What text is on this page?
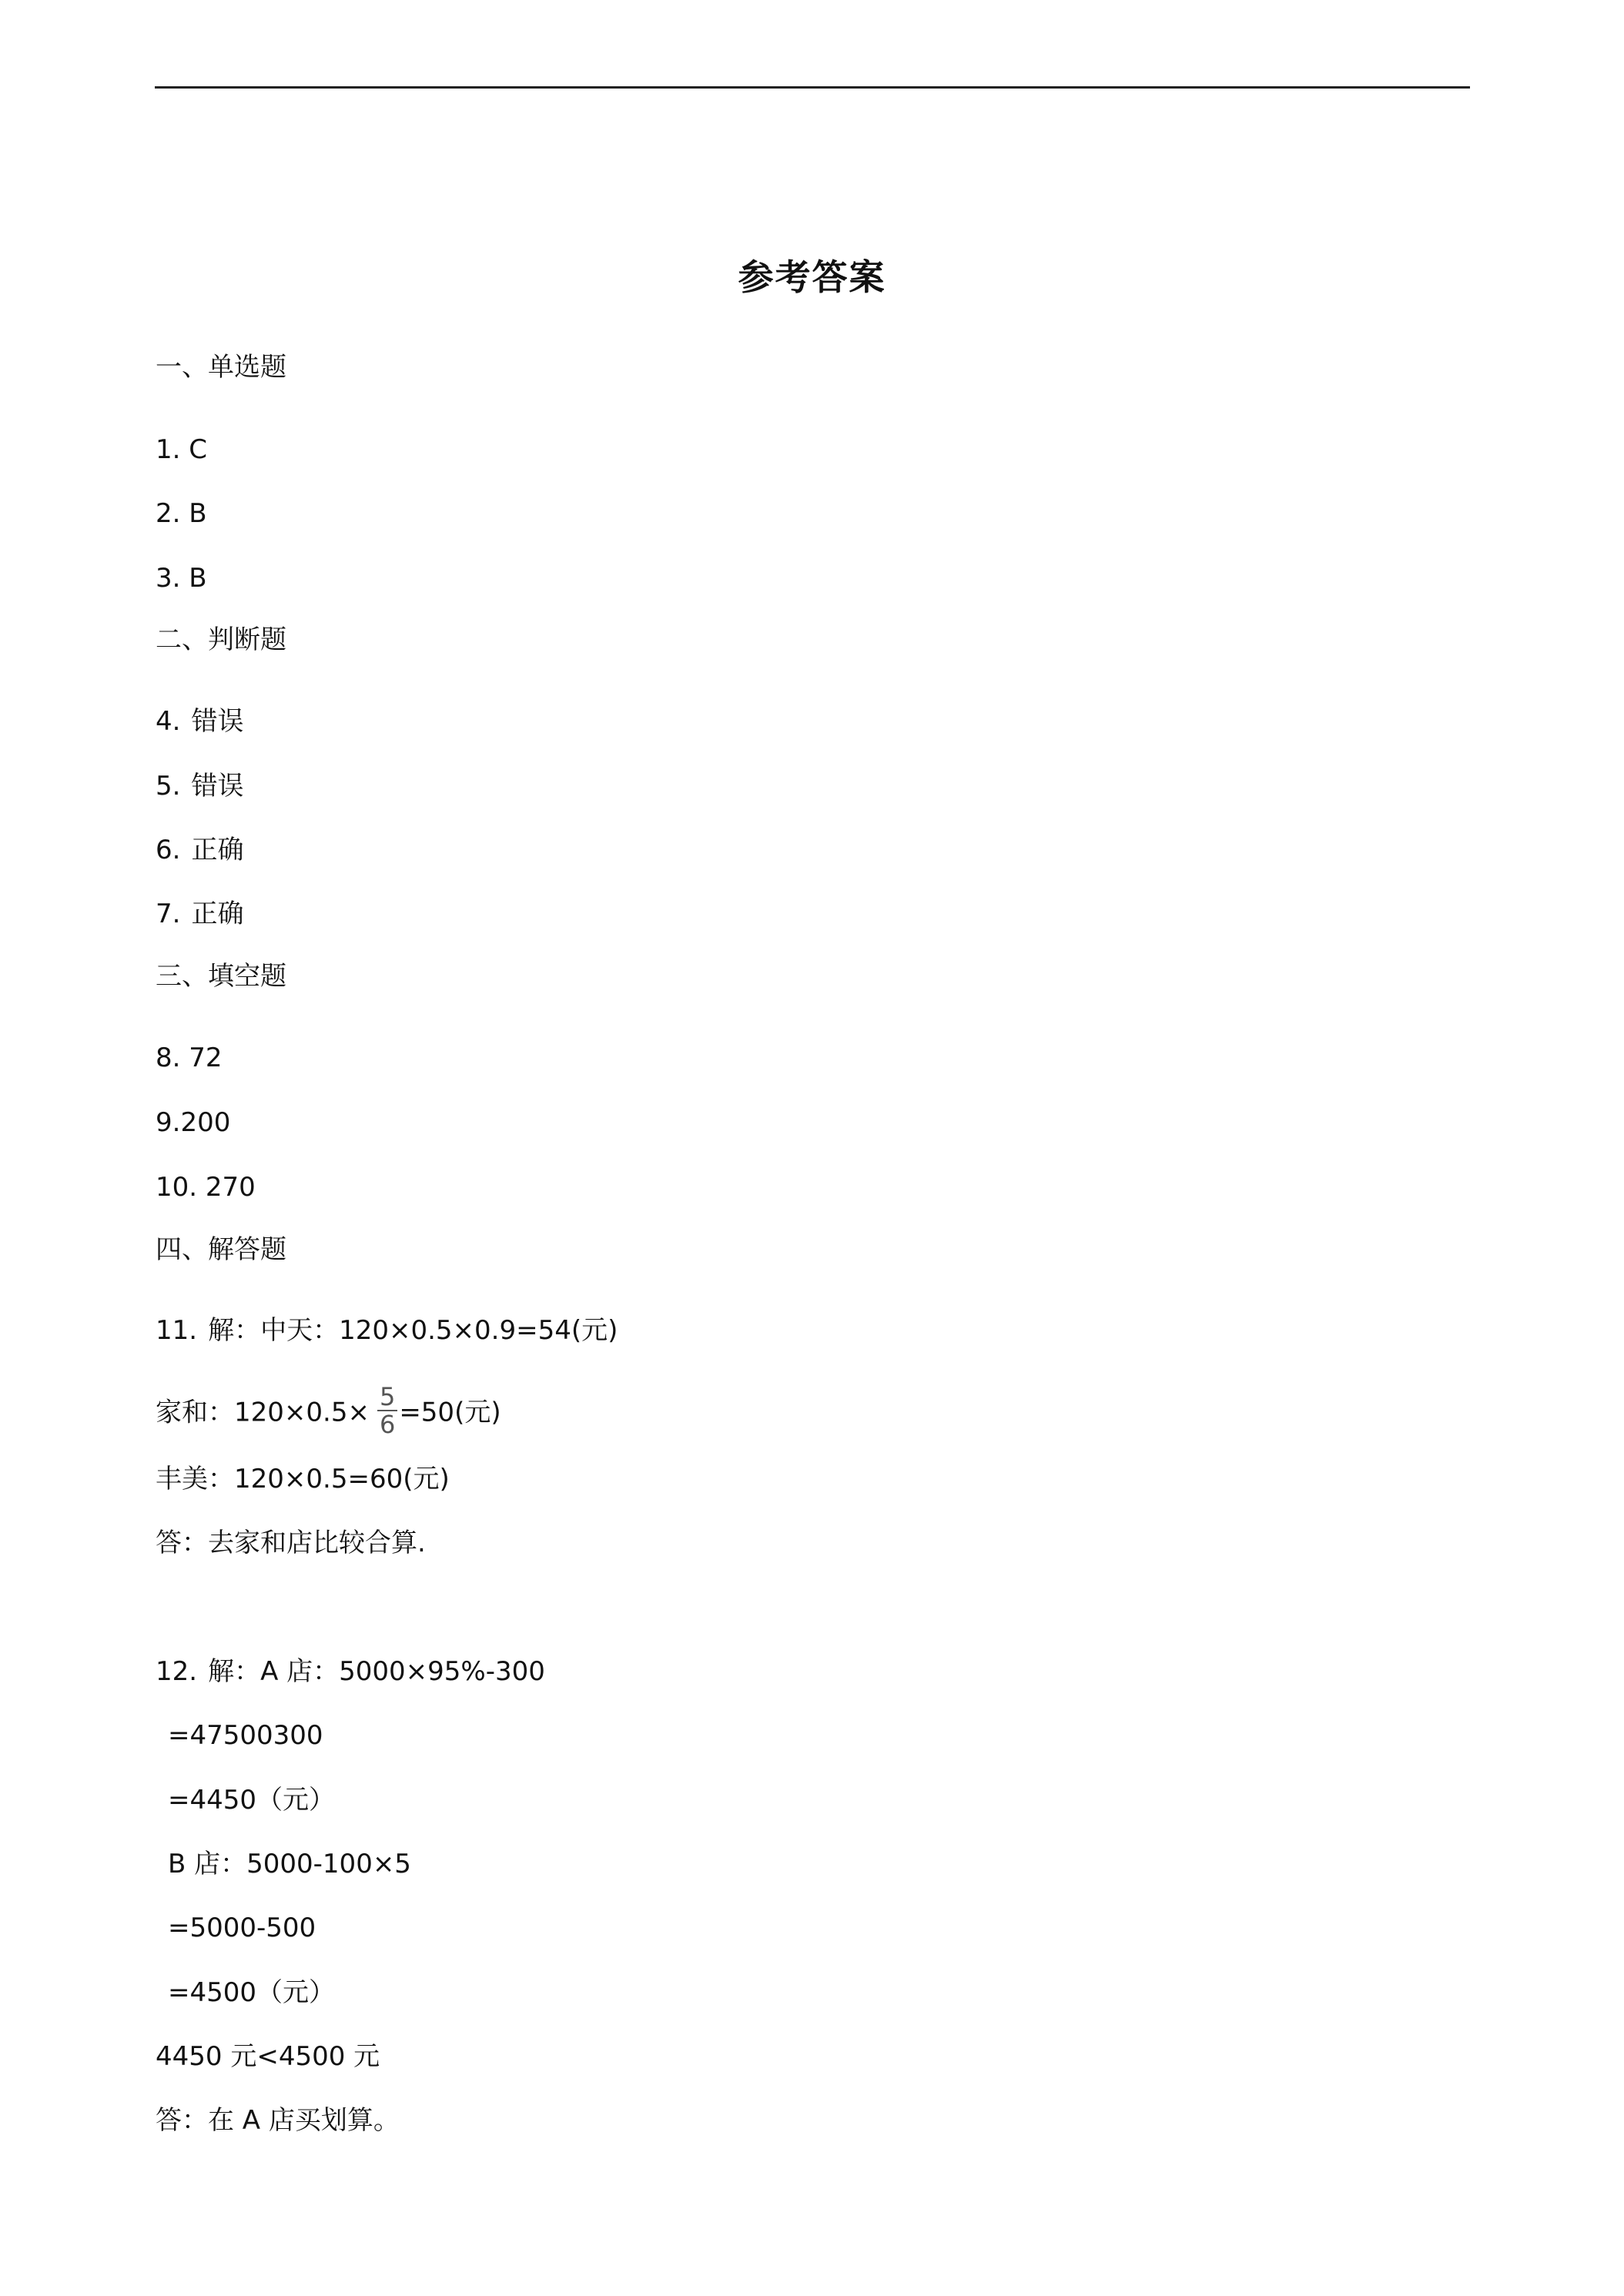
参考答案
一、单选题
1. C
2. B
3. B
二、判断题
4. 错误
5. 错误
6. 正确
7. 正确
三、填空题
8. 72
9.200
10. 270
四、解答题
11. 解：中天：120×0.5×0.9=54(元)
家和：$120\times 0.5\times \frac{5}{6} =50$(元)
丰美：120×0.5=60(元)
答：去家和店比较合算.
12. 解：A 店：5000×95%-300
=47500300
=4450（元）
B 店：5000-100×5
=5000-500
=4500（元）
4450 元<4500 元
答：在 A 店买划算。
